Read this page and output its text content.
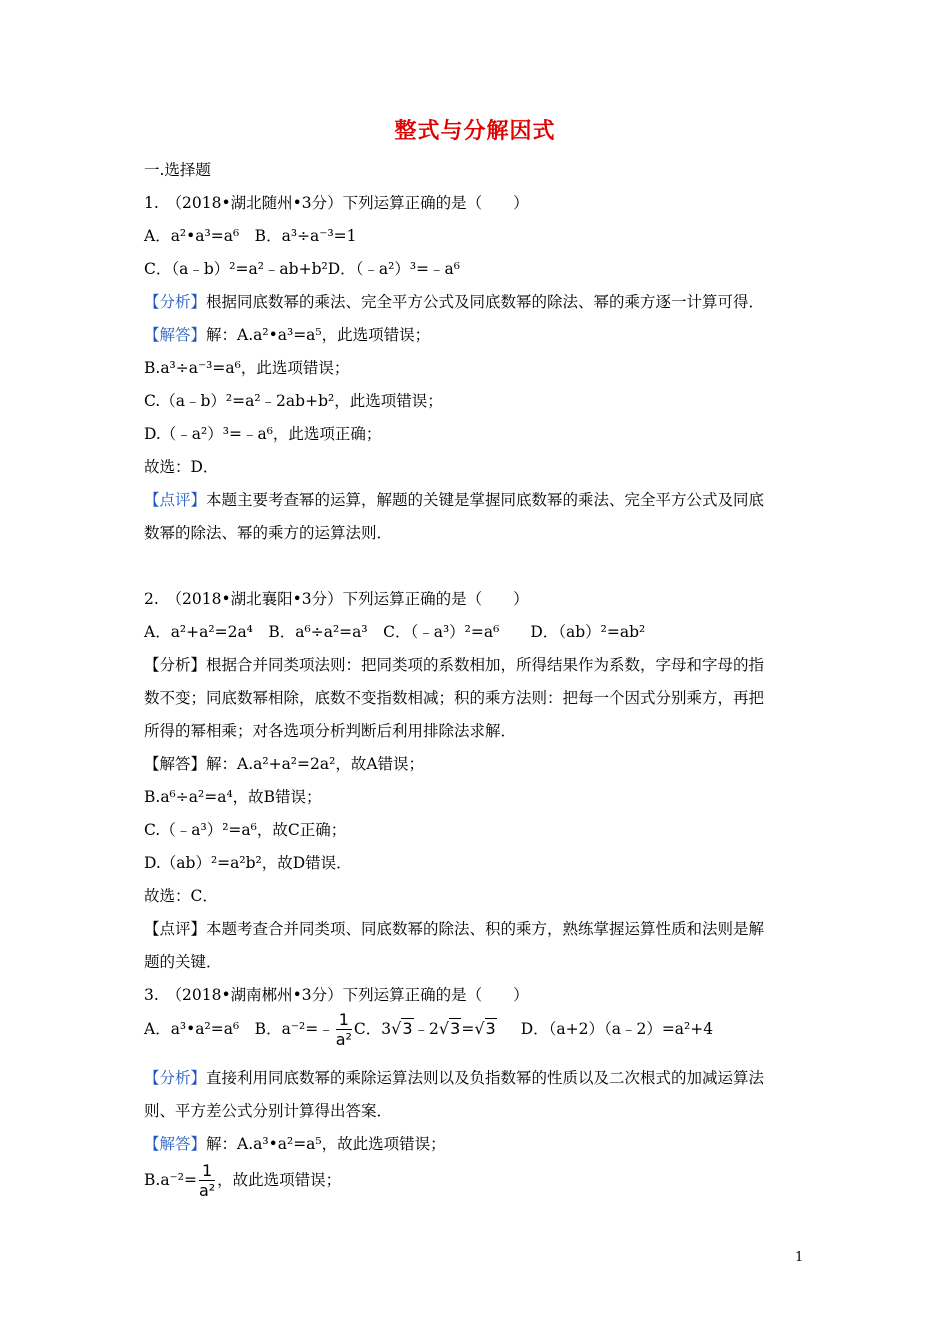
整式与分解因式
一.选择题
1.　（2018•湖北随州•3分）下列运算正确的是（　　）
A．a²•a³=a⁶　B．a³÷a⁻³=1
C．（a﹣b）²=a²﹣ab+b²D．（﹣a²）³=﹣a⁶
【分析】根据同底数幂的乘法、完全平方公式及同底数幂的除法、幂的乘方逐一计算可得．
【解答】解：A.a²•a³=a⁵，此选项错误；
B.a³÷a⁻³=a⁶，此选项错误；
C.（a﹣b）²=a²﹣2ab+b²，此选项错误；
D.（﹣a²）³=﹣a⁶，此选项正确；
故选：D．
【点评】本题主要考查幂的运算，解题的关键是掌握同底数幂的乘法、完全平方公式及同底
数幂的除法、幂的乘方的运算法则．
2.　（2018•湖北襄阳•3分）下列运算正确的是（　　）
A．a²+a²=2a⁴　B．a⁶÷a²=a³　C．（﹣a³）²=a⁶　　D．（ab）²=ab²
【分析】根据合并同类项法则：把同类项的系数相加，所得结果作为系数，字母和字母的指
数不变；同底数幂相除，底数不变指数相减；积的乘方法则：把每一个因式分别乘方，再把
所得的幂相乘；对各选项分析判断后利用排除法求解．
【解答】解：A.a²+a²=2a²，故A错误；
B.a⁶÷a²=a⁴，故B错误；
C.（﹣a³）²=a⁶，故C正确；
D.（ab）²=a²b²，故D错误．
故选：C．
【点评】本题考查合并同类项、同底数幂的除法、积的乘方，熟练掌握运算性质和法则是解
题的关键．
3.　（2018•湖南郴州•3分）下列运算正确的是（　　）
A．a³•a²=a⁶　B．a⁻²=﹣ $\frac{1}{\text{a²}}$ C．3√3﹣2√3=√3 D．（a+2）（a﹣2）=a²+4
【分析】直接利用同底数幂的乘除运算法则以及负指数幂的性质以及二次根式的加减运算法
则、平方差公式分别计算得出答案．
【解答】解：A.a³•a²=a⁵，故此选项错误；
$B.a^{-2}= \frac{1}{\text{a²}}$ ，故此选项错误；
1
